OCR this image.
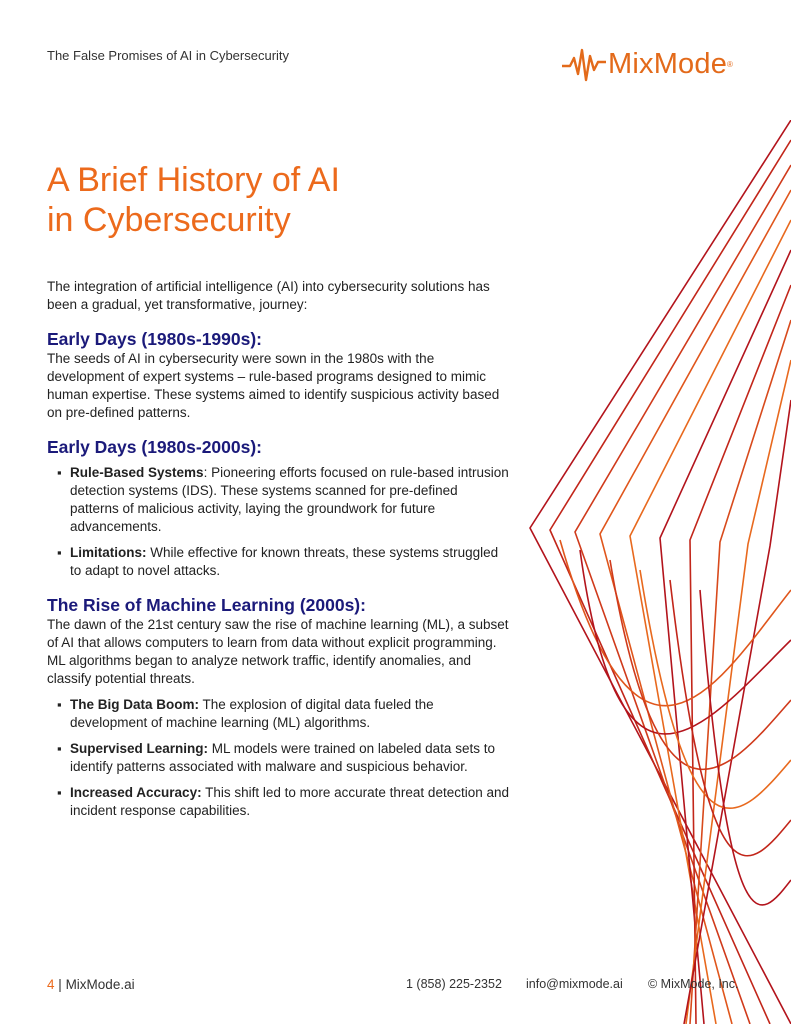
The False Promises of AI in Cybersecurity	MixMode ®
A Brief History of AI
in Cybersecurity

The integration of artificial intelligence (AI) into cybersecurity solutions has been a gradual, yet transformative, journey:

Early Days (1980s-1990s):

The seeds of AI in cybersecurity were sown in the 1980s with the development of expert systems – rule-based programs designed to mimic human expertise. These systems aimed to identify suspicious activity based on pre-defined patterns.

Early Days (1980s-2000s):
▪ Rule-Based Systems: Pioneering efforts focused on rule-based intrusion detection systems (IDS). These systems scanned for pre-defined patterns of malicious activity, laying the groundwork for future advancements.
▪ Limitations: While effective for known threats, these systems struggled to adapt to novel attacks.
The Rise of Machine Learning (2000s):

The dawn of the 21st century saw the rise of machine learning (ML), a subset of AI that allows computers to learn from data without explicit programming. ML algorithms began to analyze network traffic, identify anomalies, and classify potential threats.

▪ The Big Data Boom: The explosion of digital data fueled the development of machine learning (ML) algorithms.
▪ Supervised Learning: ML models were trained on labeled data sets to identify patterns associated with malware and suspicious behavior.
▪ Increased Accuracy: This shift led to more accurate threat detection and incident response capabilities.
4 | MixMode.ai	1 (858) 225-2352 info@mixmode.ai © MixMode, Inc.
